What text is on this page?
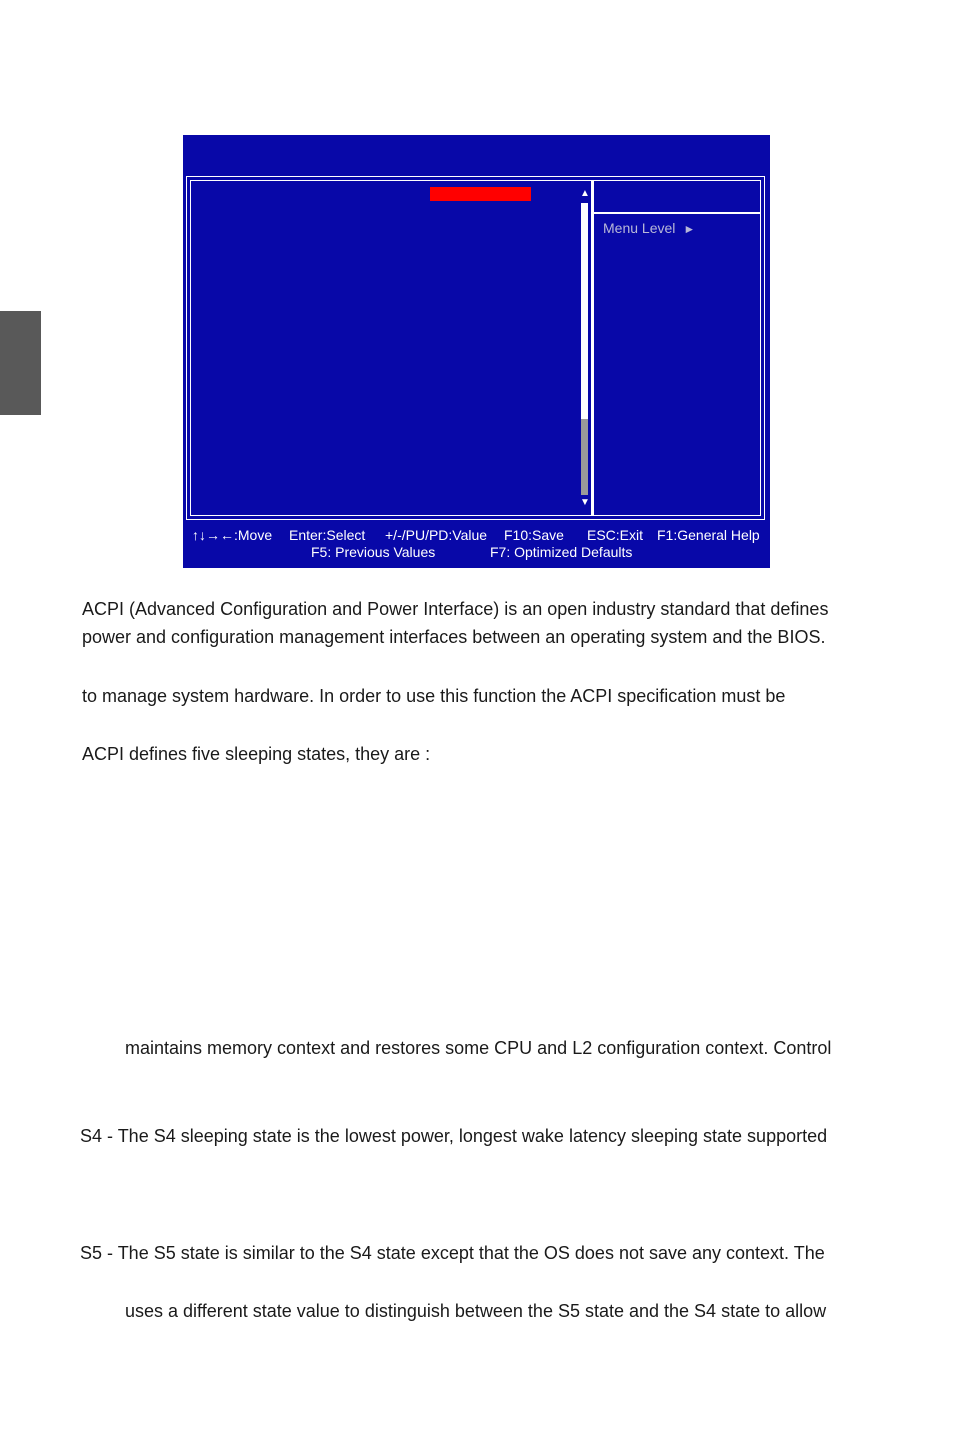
▲
▼
Menu Level ►
↑↓→←:Move Enter:Select +/-/PU/PD:Value F10:Save ESC:Exit F1:General Help
F5: Previous Values	F7: Optimized Defaults
ACPI (Advanced Configuration and Power Interface) is an open industry standard that defines
power and configuration management interfaces between an operating system and the BIOS.
to manage system hardware. In order to use this function the ACPI specification must be
ACPI defines five sleeping states, they are :
maintains memory context and restores some CPU and L2 configuration context. Control
S4 - The S4 sleeping state is the lowest power, longest wake latency sleeping state supported
S5 - The S5 state is similar to the S4 state except that the OS does not save any context. The
uses a different state value to distinguish between the S5 state and the S4 state to allow
